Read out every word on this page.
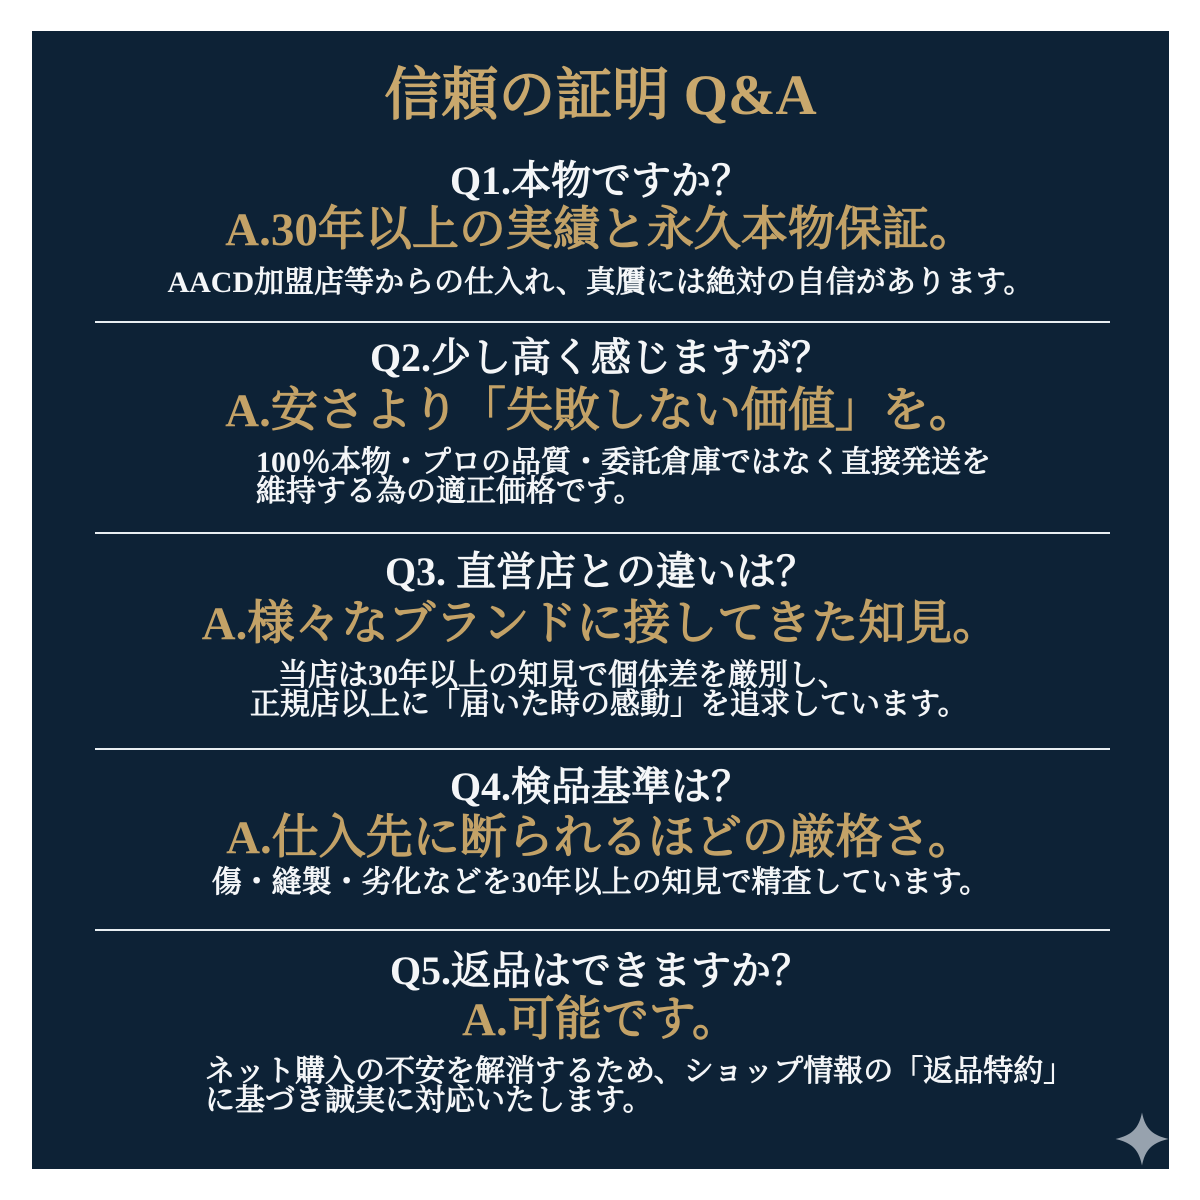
信頼の証明 Q&A
Q1.本物ですか？
A.30年以上の実績と永久本物保証。
AACD加盟店等からの仕入れ、真贋には絶対の自信があります。
Q2.少し高く感じますが？
A.安さより「失敗しない価値」を。
100％本物・プロの品質・委託倉庫ではなく直接発送を
維持する為の適正価格です。
Q3. 直営店との違いは？
A.様々なブランドに接してきた知見。
当店は30年以上の知見で個体差を厳別し、
正規店以上に「届いた時の感動」を追求しています。
Q4.検品基準は？
A.仕入先に断られるほどの厳格さ。
傷・縫製・劣化などを30年以上の知見で精査しています。
Q5.返品はできますか？
A.可能です。
ネット購入の不安を解消するため、ショップ情報の「返品特約」
に基づき誠実に対応いたします。
